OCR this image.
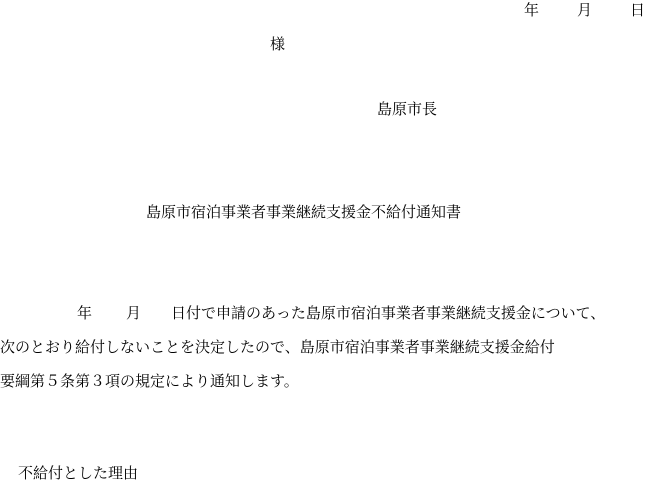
年	月	日
様
島原市長
島原市宿泊事業者事業継続支援金不給付通知書
年 月 日付で申請のあった島原市宿泊事業者事業継続支援金について、
次のとおり給付しないことを決定したので、島原市宿泊事業者事業継続支援金給付
要綱第５条第３項の規定により通知します。
不給付とした理由
